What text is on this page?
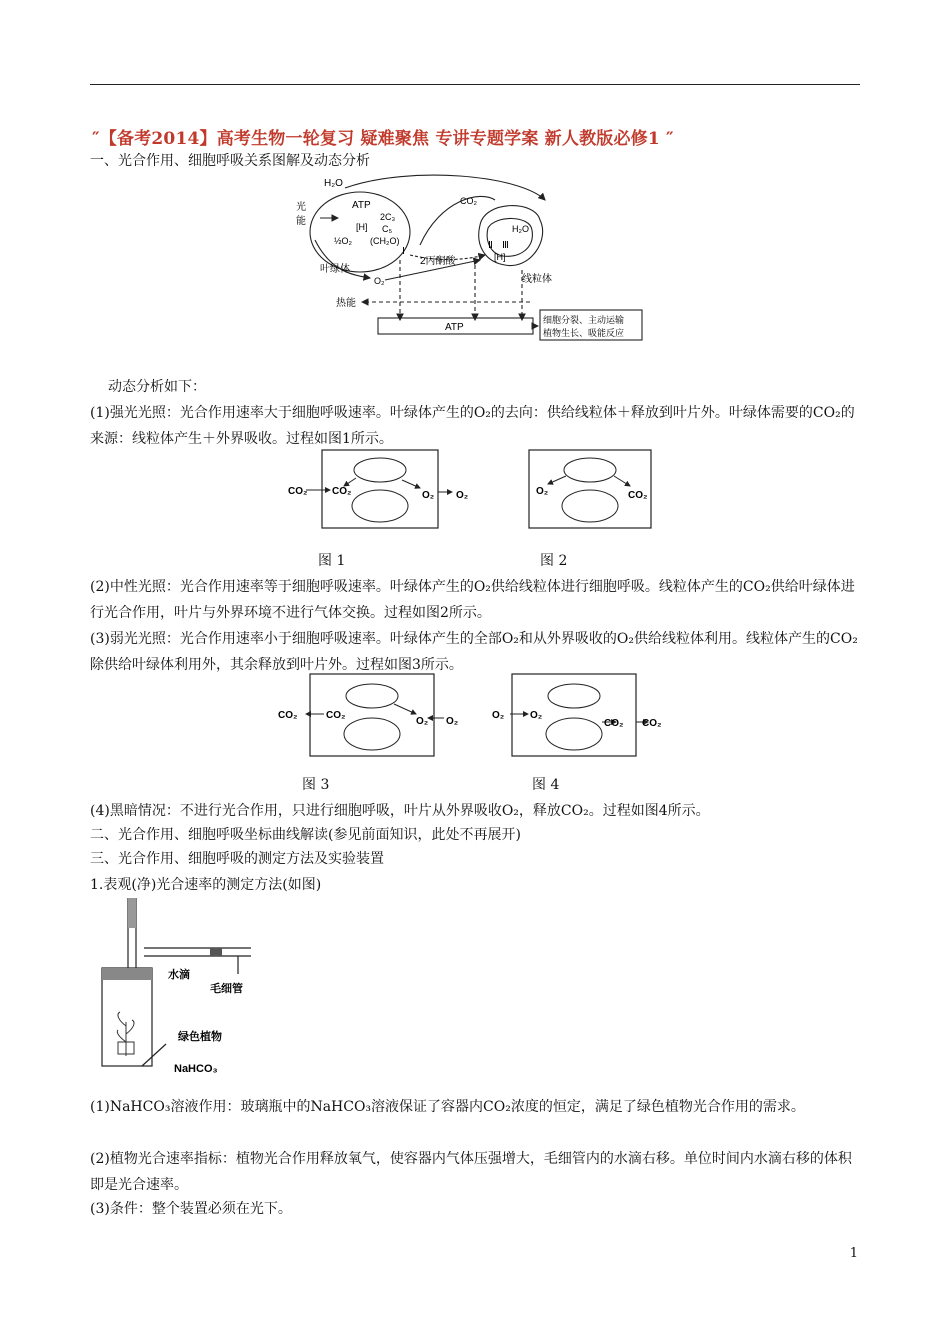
″【备考2014】高考生物一轮复习 疑难聚焦 专讲专题学案 新人教版必修1 ″
一、光合作用、细胞呼吸关系图解及动态分析
H₂O
光
能
ATP
2C₃
C₅
[H]
(CH₂O)
½O₂
Ⅰ
叶绿体
O₂
2丙酮酸
CO₂
Ⅱ Ⅲ
H₂O
[H]
线粒体
热能
ATP
细胞分裂、主动运输
植物生长、吸能反应
动态分析如下：
(1)强光光照：光合作用速率大于细胞呼吸速率。叶绿体产生的O₂的去向：供给线粒体＋释放到叶片外。叶绿体需要的CO₂的来源：线粒体产生＋外界吸收。过程如图1所示。
CO₂ CO₂	O₂ O₂	O₂	CO₂
图 1	图 2
(2)中性光照：光合作用速率等于细胞呼吸速率。叶绿体产生的O₂供给线粒体进行细胞呼吸。线粒体产生的CO₂供给叶绿体进行光合作用，叶片与外界环境不进行气体交换。过程如图2所示。
(3)弱光光照：光合作用速率小于细胞呼吸速率。叶绿体产生的全部O₂和从外界吸收的O₂供给线粒体利用。线粒体产生的CO₂除供给叶绿体利用外，其余释放到叶片外。过程如图3所示。
CO₂	CO₂
O₂ O₂
O₂	O₂
CO₂ CO₂
图 3	图 4
(4)黑暗情况：不进行光合作用，只进行细胞呼吸，叶片从外界吸收O₂，释放CO₂。过程如图4所示。
二、光合作用、细胞呼吸坐标曲线解读(参见前面知识，此处不再展开)
三、光合作用、细胞呼吸的测定方法及实验装置
1.表观(净)光合速率的测定方法(如图)
水滴
毛细管
绿色植物
NaHCO₃
(1)NaHCO₃溶液作用：玻璃瓶中的NaHCO₃溶液保证了容器内CO₂浓度的恒定，满足了绿色植物光合作用的需求。
(2)植物光合速率指标：植物光合作用释放氧气，使容器内气体压强增大，毛细管内的水滴右移。单位时间内水滴右移的体积即是光合速率。
(3)条件：整个装置必须在光下。
1
